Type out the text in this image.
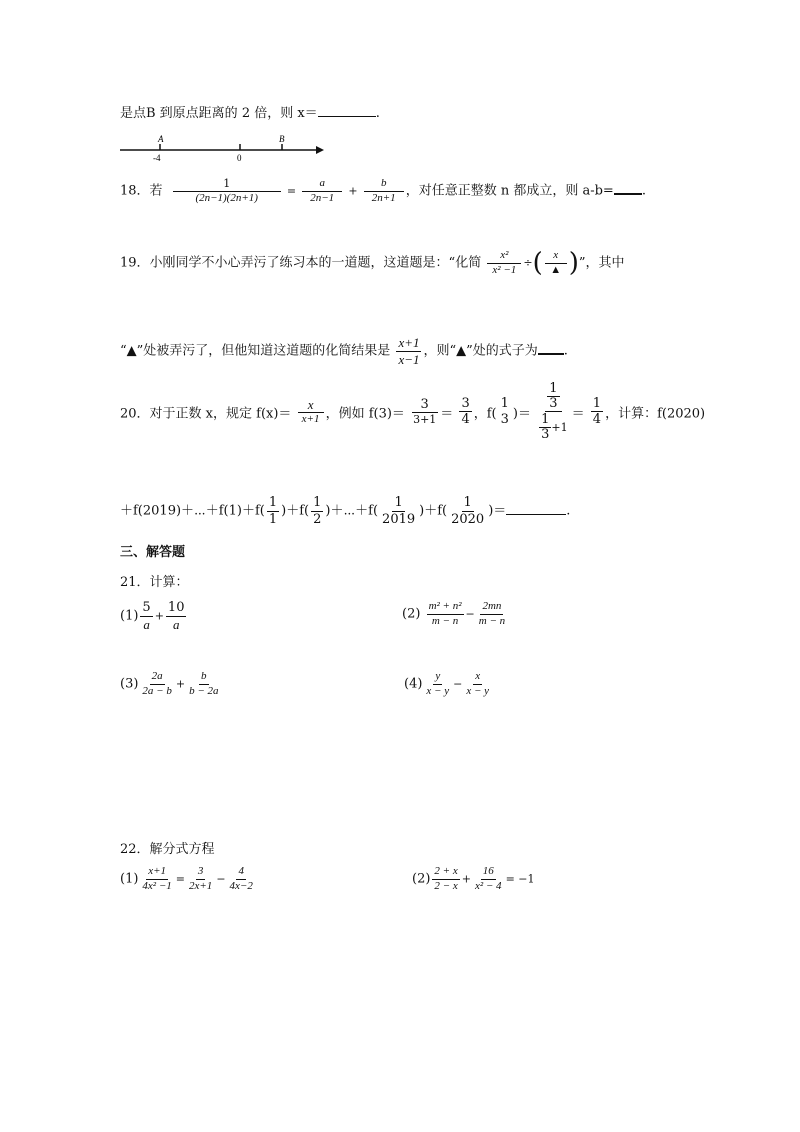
是点B 到原点距离的 2 倍，则 x＝	.
A	B
-4	0
18．若 $\frac{1}{(2n-1)(2n+1)} = \frac{a}{2n-1} + \frac{b}{2n+1}$ ，对任意正整数 n 都成立，则 a-b= .
19．小刚同学不小心弄污了练习本的一道题，这道题是：“化简 $\frac{\text{x²}}{\text{x² −1}}$ ÷( $\frac{x}{▲}$ )”，其中
“▲”处被弄污了，但他知道这道题的化简结果是 $\frac{x+1}{x-1}$ ，则“▲”处的式子为 .
20．对于正数 x，规定 $f(x)= \frac{x}{x+1}$ ，例如 $f(3)= \frac{3}{3+1} = \frac{3}{4}$ ，f(
1
3 )＝ $\frac{1}{3}$
1
$3 +1 = \frac{1}{4}$ ，计算：f(2020)
＋f(2019)＋⋯＋f(1)＋f( $\frac{1}{1} )+f( \frac{1}{2}$ )＋⋯＋f( $\frac{1}{2019} )+f( \frac{1}{2020}$ )＝	.
三、解答题
21．计算：
$(1) \frac{5}{a} + \frac{10}{a}$	$(2) \frac{\text{m² + n²}}{m - n} - \frac{2mn}{m - n}$
$(3) \frac{2a}{2a - b} + \frac{b}{b - 2a}$	$(4) \frac{y}{x - y} - \frac{x}{x - y}$
22．解分式方程
$(1) \frac{x+1}{\text{4x² −1}} = \frac{3}{2x+1} - \frac{4}{4x-2}$	$(2) \frac{2 + x}{2 - x} + \frac{16}{\text{x² − 4}} = -1$
